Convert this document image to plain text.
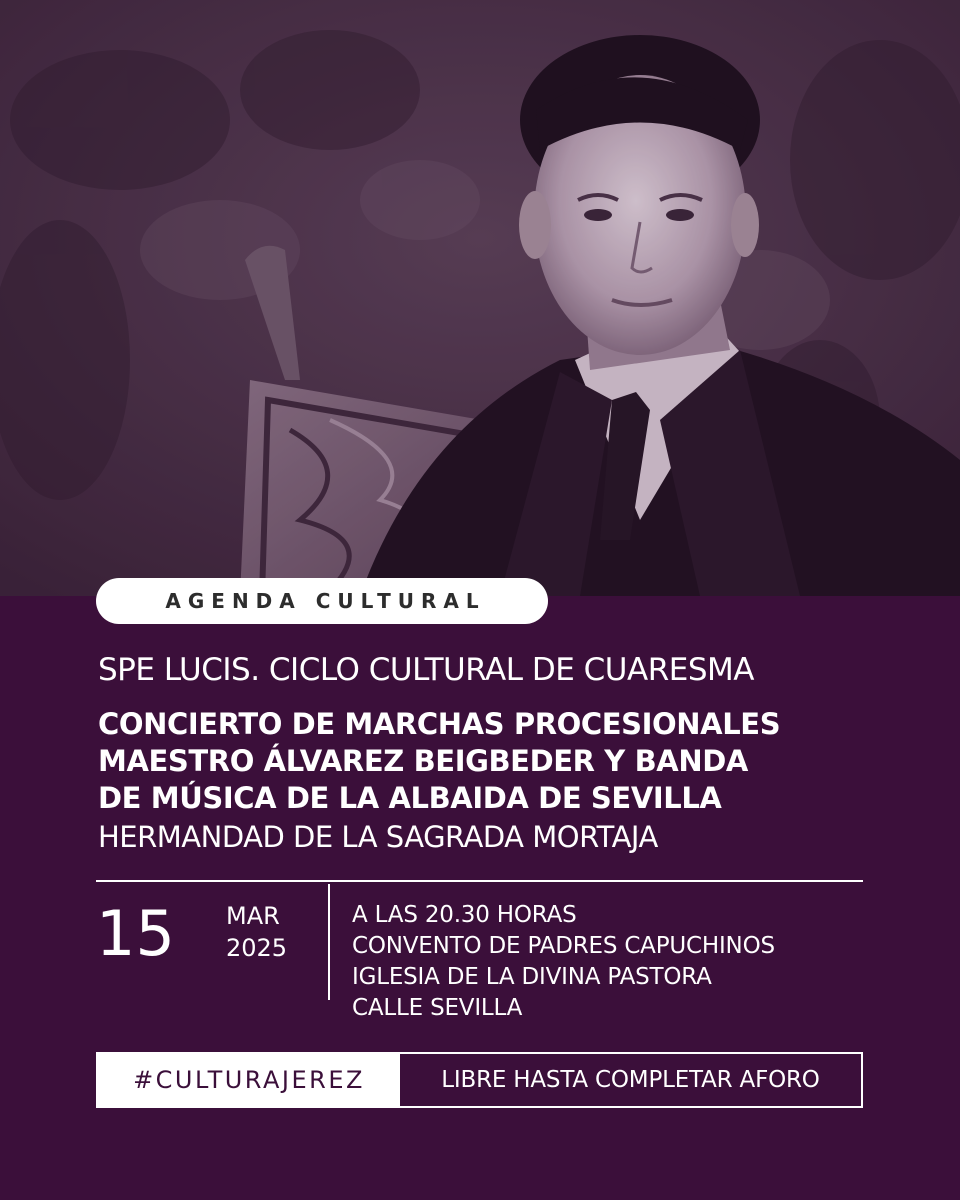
AGENDA CULTURAL
SPE LUCIS. CICLO CULTURAL DE CUARESMA
CONCIERTO DE MARCHAS PROCESIONALES
MAESTRO ÁLVAREZ BEIGBEDER Y BANDA
DE MÚSICA DE LA ALBAIDA DE SEVILLA
HERMANDAD DE LA SAGRADA MORTAJA
15 MAR
2025
A LAS 20.30 HORAS
CONVENTO DE PADRES CAPUCHINOS
IGLESIA DE LA DIVINA PASTORA
CALLE SEVILLA
#CULTURAJEREZ	LIBRE HASTA COMPLETAR AFORO
